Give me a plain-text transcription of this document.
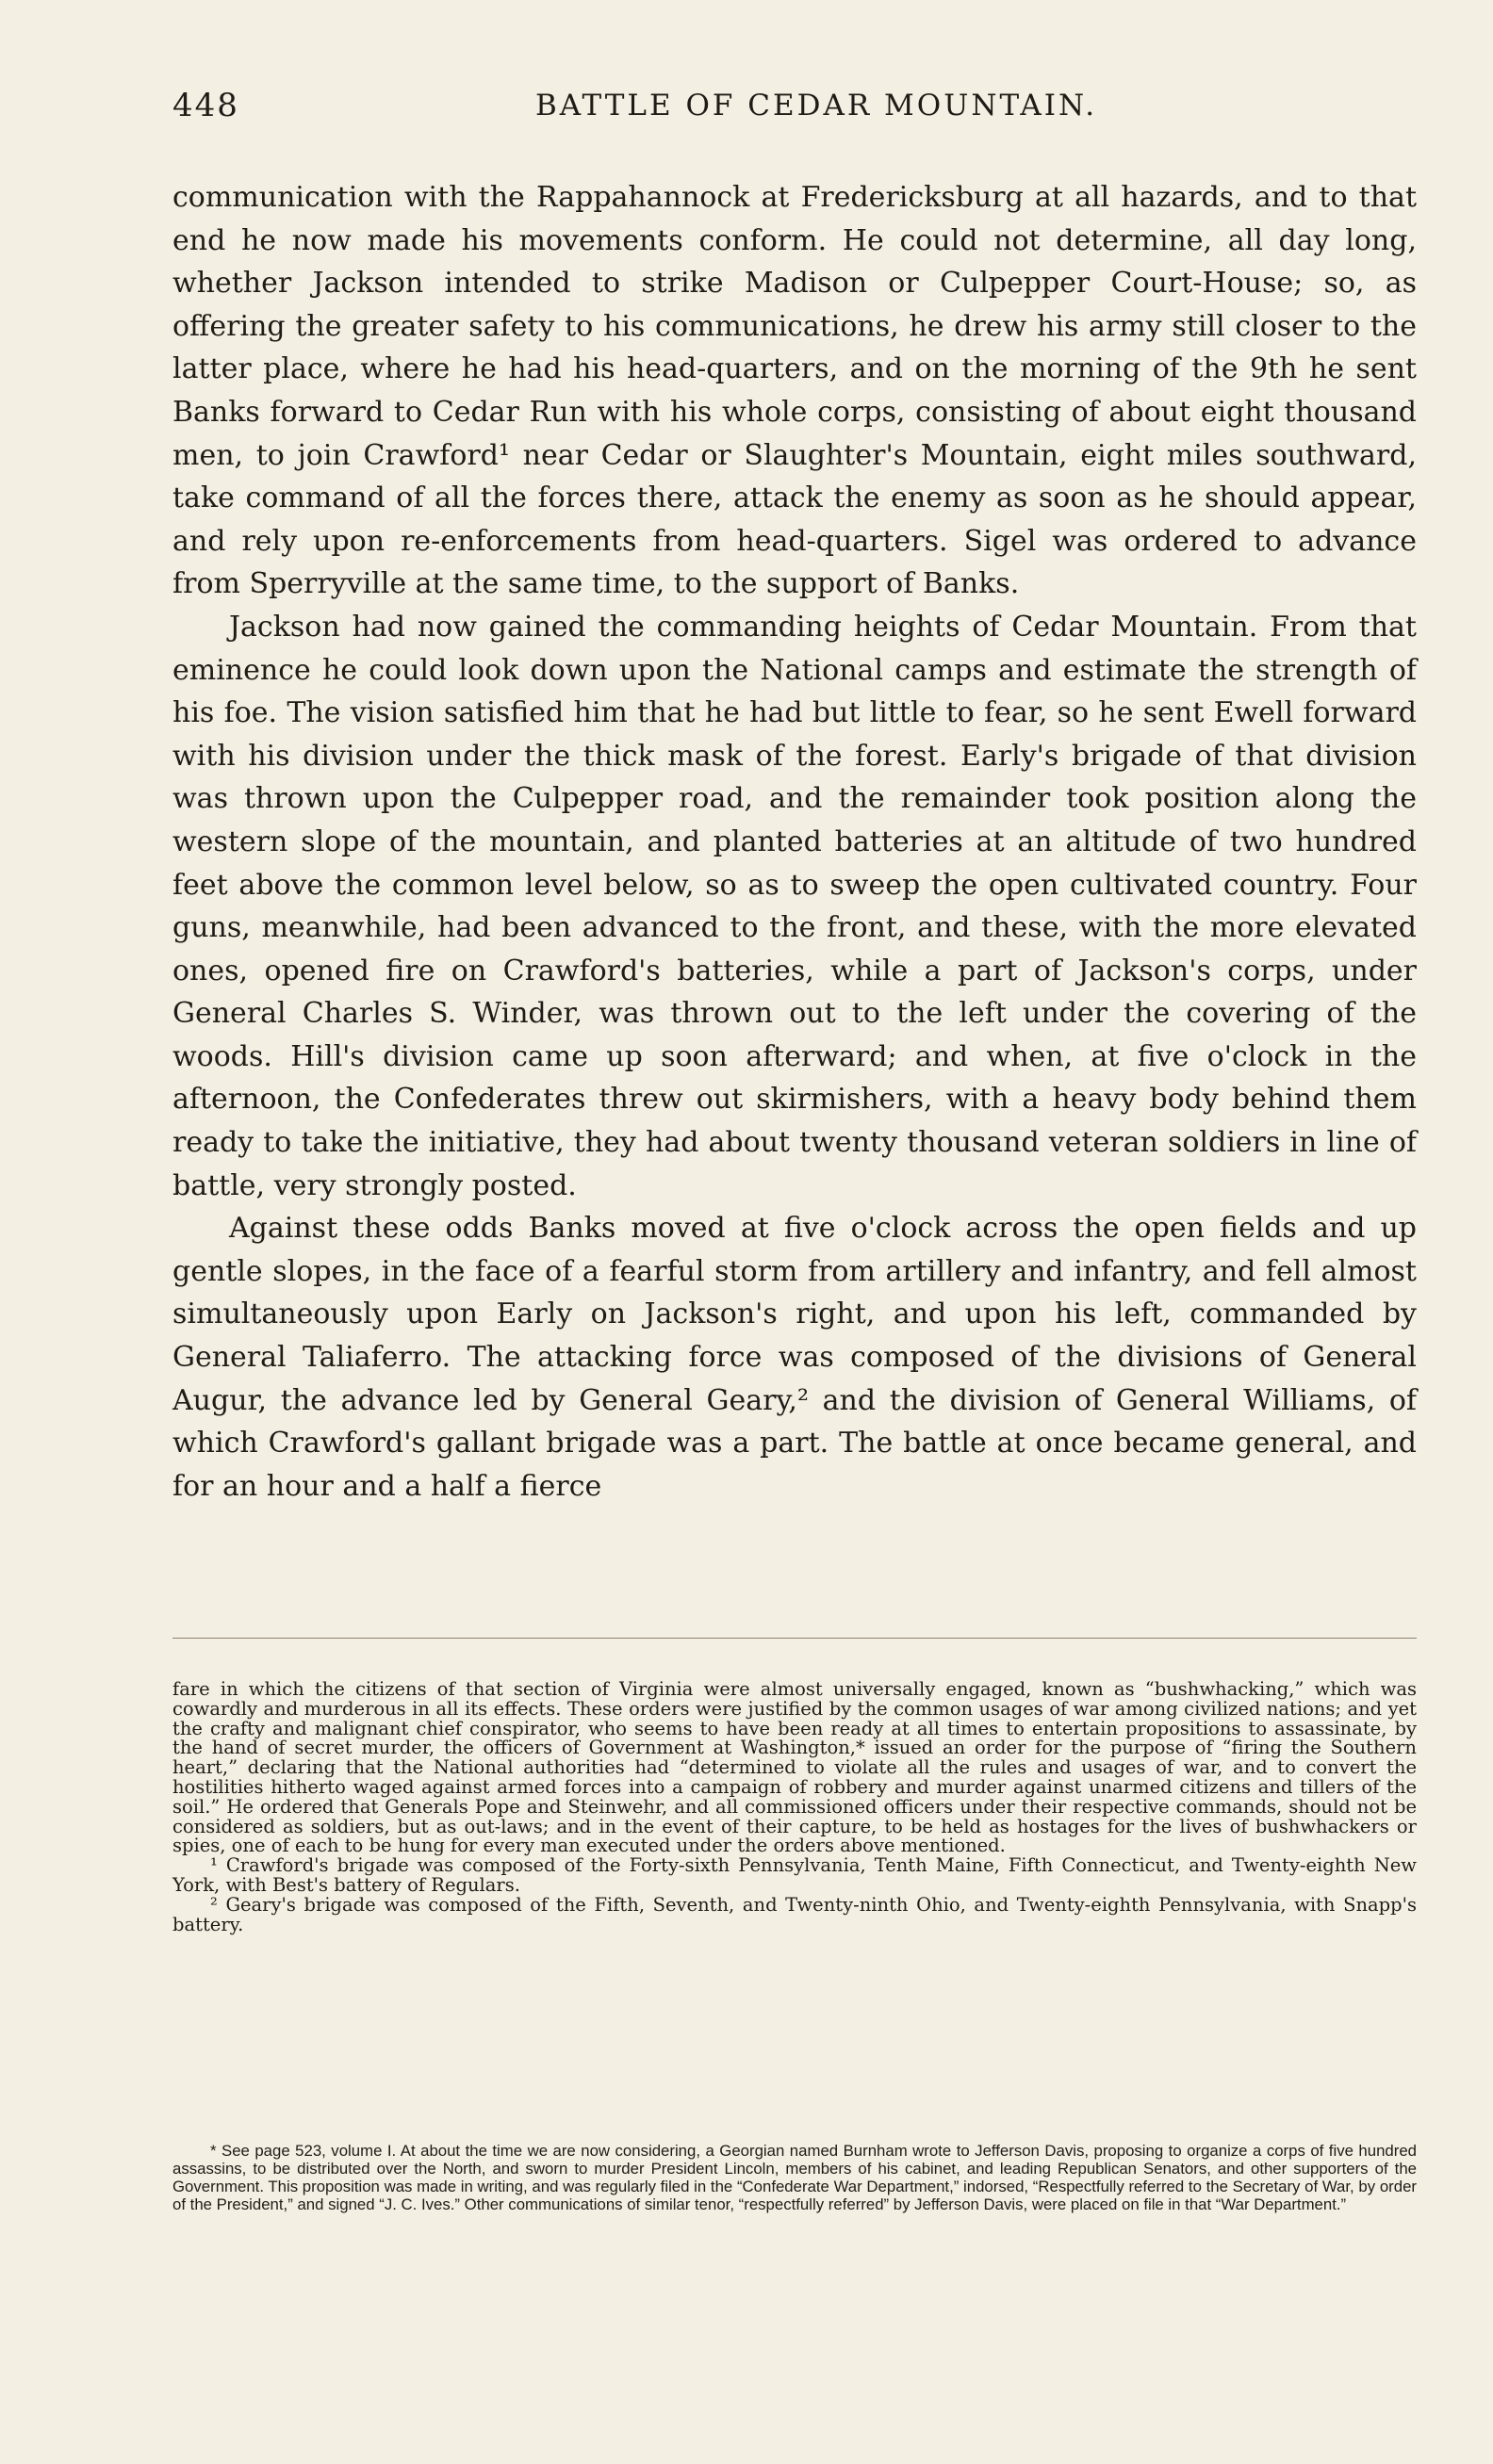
448	BATTLE OF CEDAR MOUNTAIN.

communication with the Rappahannock at Fredericksburg at all hazards, and to that end he now made his movements conform. He could not determine, all day long, whether Jackson intended to strike Madison or Culpepper Court-House; so, as offering the greater safety to his communications, he drew his army still closer to the latter place, where he had his head-quarters, and on the morning of the 9th he sent Banks forward to Cedar Run with his whole corps, consisting of about eight thousand men, to join Crawford¹ near Cedar or Slaughter's Mountain, eight miles southward, take command of all the forces there, attack the enemy as soon as he should appear, and rely upon re-enforcements from head-quarters. Sigel was ordered to advance from Sperryville at the same time, to the support of Banks.

Jackson had now gained the commanding heights of Cedar Mountain. From that eminence he could look down upon the National camps and estimate the strength of his foe. The vision satisfied him that he had but little to fear, so he sent Ewell forward with his division under the thick mask of the forest. Early's brigade of that division was thrown upon the Culpepper road, and the remainder took position along the western slope of the mountain, and planted batteries at an altitude of two hundred feet above the common level below, so as to sweep the open cultivated country. Four guns, meanwhile, had been advanced to the front, and these, with the more elevated ones, opened fire on Crawford's batteries, while a part of Jackson's corps, under General Charles S. Winder, was thrown out to the left under the covering of the woods. Hill's division came up soon afterward; and when, at five o'clock in the afternoon, the Confederates threw out skirmishers, with a heavy body behind them ready to take the initiative, they had about twenty thousand veteran soldiers in line of battle, very strongly posted.

Against these odds Banks moved at five o'clock across the open fields and up gentle slopes, in the face of a fearful storm from artillery and infantry, and fell almost simultaneously upon Early on Jackson's right, and upon his left, commanded by General Taliaferro. The attacking force was composed of the divisions of General Augur, the advance led by General Geary,² and the division of General Williams, of which Crawford's gallant brigade was a part. The battle at once became general, and for an hour and a half a fierce

fare in which the citizens of that section of Virginia were almost universally engaged, known as “bushwhacking,” which was cowardly and murderous in all its effects. These orders were justified by the common usages of war among civilized nations; and yet the crafty and malignant chief conspirator, who seems to have been ready at all times to entertain propositions to assassinate, by the hand of secret murder, the officers of Government at Washington,* issued an order for the purpose of “firing the Southern heart,” declaring that the National authorities had “determined to violate all the rules and usages of war, and to convert the hostilities hitherto waged against armed forces into a campaign of robbery and murder against unarmed citizens and tillers of the soil.” He ordered that Generals Pope and Steinwehr, and all commissioned officers under their respective commands, should not be considered as soldiers, but as out-laws; and in the event of their capture, to be held as hostages for the lives of bushwhackers or spies, one of each to be hung for every man executed under the orders above mentioned.

¹ Crawford's brigade was composed of the Forty-sixth Pennsylvania, Tenth Maine, Fifth Connecticut, and Twenty-eighth New York, with Best's battery of Regulars.

² Geary's brigade was composed of the Fifth, Seventh, and Twenty-ninth Ohio, and Twenty-eighth Pennsylvania, with Snapp's battery.

* See page 523, volume I. At about the time we are now considering, a Georgian named Burnham wrote to Jefferson Davis, proposing to organize a corps of five hundred assassins, to be distributed over the North, and sworn to murder President Lincoln, members of his cabinet, and leading Republican Senators, and other supporters of the Government. This proposition was made in writing, and was regularly filed in the “Confederate War Department,” indorsed, “Respectfully referred to the Secretary of War, by order of the President,” and signed “J. C. Ives.” Other communications of similar tenor, “respectfully referred” by Jefferson Davis, were placed on file in that “War Department.”
